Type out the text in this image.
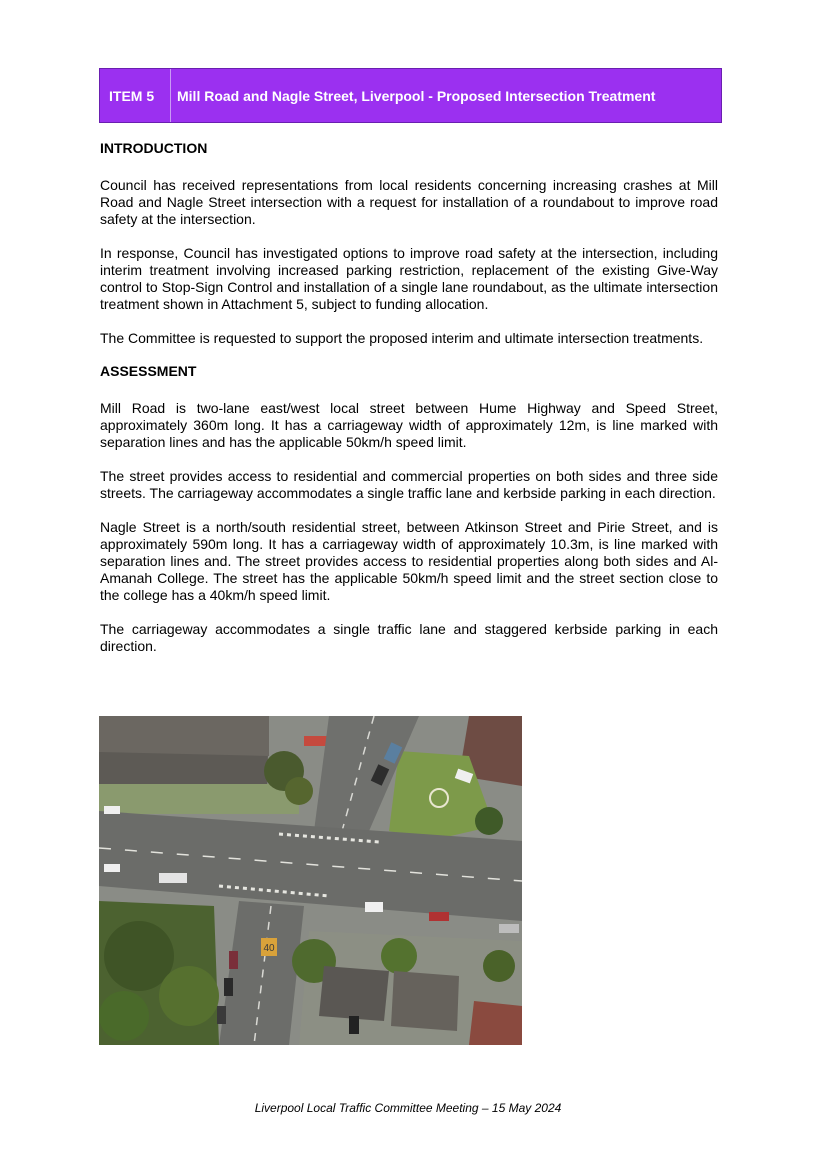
ITEM 5	Mill Road and Nagle Street, Liverpool - Proposed Intersection Treatment
INTRODUCTION

Council has received representations from local residents concerning increasing crashes at Mill Road and Nagle Street intersection with a request for installation of a roundabout to improve road safety at the intersection.

In response, Council has investigated options to improve road safety at the intersection, including interim treatment involving increased parking restriction, replacement of the existing Give-Way control to Stop-Sign Control and installation of a single lane roundabout, as the ultimate intersection treatment shown in Attachment 5, subject to funding allocation.

The Committee is requested to support the proposed interim and ultimate intersection treatments.

ASSESSMENT

Mill Road is two-lane east/west local street between Hume Highway and Speed Street, approximately 360m long. It has a carriageway width of approximately 12m, is line marked with separation lines and has the applicable 50km/h speed limit.

The street provides access to residential and commercial properties on both sides and three side streets. The carriageway accommodates a single traffic lane and kerbside parking in each direction.

Nagle Street is a north/south residential street, between Atkinson Street and Pirie Street, and is approximately 590m long. It has a carriageway width of approximately 10.3m, is line marked with separation lines and. The street provides access to residential properties along both sides and Al-Amanah College. The street has the applicable 50km/h speed limit and the street section close to the college has a 40km/h speed limit.

The carriageway accommodates a single traffic lane and staggered kerbside parking in each direction.

40
Liverpool Local Traffic Committee Meeting – 15 May 2024
